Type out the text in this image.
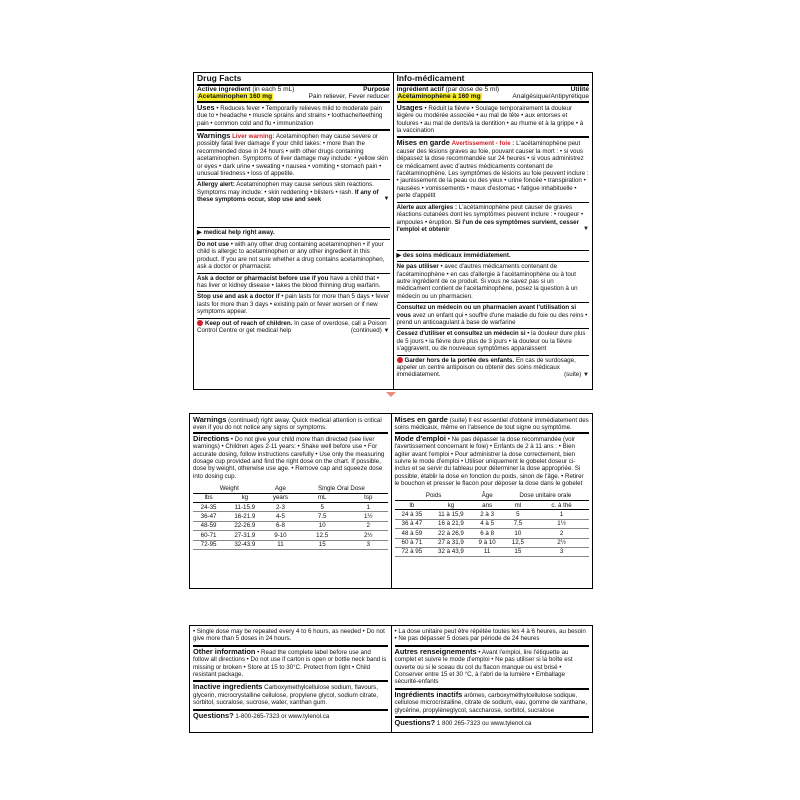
Drug Facts
Active ingredient (in each 5 mL)	Purpose
Acetaminophen 160 mg	Pain reliever, Fever reducer
Uses • Reduces fever • Temporarily relieves mild to moderate pain due to • headache • muscle sprains and strains • toothache/teething pain • common cold and flu • immunization
Warnings Liver warning: Acetaminophen may cause severe or possibly fatal liver damage if your child takes: • more than the recommended dose in 24 hours • with other drugs containing acetaminophen. Symptoms of liver damage may include: • yellow skin or eyes • dark urine • sweating • nausea • vomiting • stomach pain • unusual tiredness • loss of appetite.
Allergy alert: Acetaminophen may cause serious skin reactions. Symptoms may include: • skin reddening • blisters • rash. If any of these symptoms occur, stop use and seek	▼
▶ medical help right away.
Do not use • with any other drug containing acetaminophen • if your child is allergic to acetaminophen or any other ingredient in this product. If you are not sure whether a drug contains acetaminophen, ask a doctor or pharmacist.
Ask a doctor or pharmacist before use if you have a child that • has liver or kidney disease • takes the blood thinning drug warfarin.
Stop use and ask a doctor if • pain lasts for more than 5 days • fever lasts for more than 3 days • existing pain or fever worsen or if new symptoms appear.
Keep out of reach of children. In case of overdose, call a Poison Control Centre or get medical help	(continued) ▼
Info-médicament
Ingrédient actif (par dose de 5 ml)	Utilité
Acétaminophène à 160 mg	Analgésique/Antipyrétique
Usages • Réduit la fièvre • Soulage temporairement la douleur légère ou modérée associée • au mal de tête • aux entorses et foulures • au mal de dents/à la dentition • au rhume et à la grippe • à la vaccination
Mises en garde Avertissement - foie : L'acétaminophène peut causer des lésions graves au foie, pouvant causer la mort : • si vous dépassez la dose recommandée sur 24 heures • si vous administrez ce médicament avec d'autres médicaments contenant de l'acétaminophène. Les symptômes de lésions au foie peuvent inclure : • jaunissement de la peau ou des yeux • urine foncée • transpiration • nausées • vomissements • maux d'estomac • fatigue inhabituelle • perte d'appétit
Alerte aux allergies : L'acétaminophène peut causer de graves réactions cutanées dont les symptômes peuvent inclure : • rougeur • ampoules • éruption. Si l'un de ces symptômes survient, cesser l'emploi et obtenir	▼
▶ des soins médicaux immédiatement.
Ne pas utiliser • avec d'autres médicaments contenant de l'acétaminophène • en cas d'allergie à l'acétaminophène ou à tout autre ingrédient de ce produit. Si vous ne savez pas si un médicament contient de l'acétaminophène, posez la question à un médecin ou un pharmacien.
Consultez un médecin ou un pharmacien avant l'utilisation si vous avez un enfant qui • souffre d'une maladie du foie ou des reins • prend un anticoagulant à base de warfarine
Cessez d'utiliser et consultez un médecin si • la douleur dure plus de 5 jours • la fièvre dure plus de 3 jours • la douleur ou la fièvre s'aggravent, ou de nouveaux symptômes apparaissent
Garder hors de la portée des enfants. En cas de surdosage, appeler un centre antipoison ou obtenir des soins médicaux immédiatement.	(suite) ▼
Warnings (continued) right away. Quick medical attention is critical even if you do not notice any signs or symptoms.
Directions • Do not give your child more than directed (see liver warnings) • Children ages 2-11 years: • Shake well before use • For accurate dosing, follow instructions carefully • Use only the measuring dosage cup provided and find the right dose on the chart. If possible, dose by weight, otherwise use age. • Remove cap and squeeze dose into dosing cup.
Weight		Age	Single Oral Dose	
lbs	kg	years	mL	tsp
24-35	11-15.9	2-3	5	1
36-47	16-21.9	4-5	7.5	1½
48-59	22-26.9	6-8	10	2
60-71	27-31.9	9-10	12.5	2½
72-95	32-43.9	11	15	3
Mises en garde (suite) Il est essentiel d'obtenir immédiatement des soins médicaux, même en l'absence de tout signe ou symptôme.
Mode d'emploi • Ne pas dépasser la dose recommandée (voir l'avertissement concernant le foie) • Enfants de 2 à 11 ans : • Bien agiter avant l'emploi • Pour administrer la dose correctement, bien suivre le mode d'emploi • Utiliser uniquement le gobelet doseur ci-inclus et se servir du tableau pour déterminer la dose appropriée. Si possible, établir la dose en fonction du poids, sinon de l'âge. • Retirer le bouchon et presser le flacon pour déposer la dose dans le gobelet
Poids		Âge	Dose unitaire orale	
lb	kg	ans	ml	c. à thé
24 à 35	11 à 15,9	2 à 3	5	1
36 à 47	16 à 21,9	4 à 5	7,5	1½
48 à 59	22 à 26,9	6 à 8	10	2
60 à 71	27 à 31,9	9 à 10	12,5	2½
72 à 95	32 à 43,9	11	15	3
• Single dose may be repeated every 4 to 6 hours, as needed • Do not give more than 5 doses in 24 hours.
Other information • Read the complete label before use and follow all directions • Do not use if carton is open or bottle neck band is missing or broken • Store at 15 to 30°C. Protect from light • Child resistant package.
Inactive ingredients Carboxymethylcellulose sodium, flavours, glycerin, microcrystalline cellulose, propylene glycol, sodium citrate, sorbitol, sucralose, sucrose, water, xanthan gum.
Questions? 1-800-265-7323 or www.tylenol.ca
• La dose unitaire peut être répétée toutes les 4 à 6 heures, au besoin • Ne pas dépasser 5 doses par période de 24 heures
Autres renseignements • Avant l'emploi, lire l'étiquette au complet et suivre le mode d'emploi • Ne pas utiliser si la boîte est ouverte ou si le sceau du col du flacon manque ou est brisé • Conserver entre 15 et 30 °C, à l'abri de la lumière • Emballage sécurité-enfants
Ingrédients inactifs arômes, carboxyméthylcellulose sodique, cellulose microcristalline, citrate de sodium, eau, gomme de xanthane, glycérine, propylèneglycol, saccharose, sorbitol, sucralose
Questions? 1 800 265-7323 ou www.tylenol.ca
